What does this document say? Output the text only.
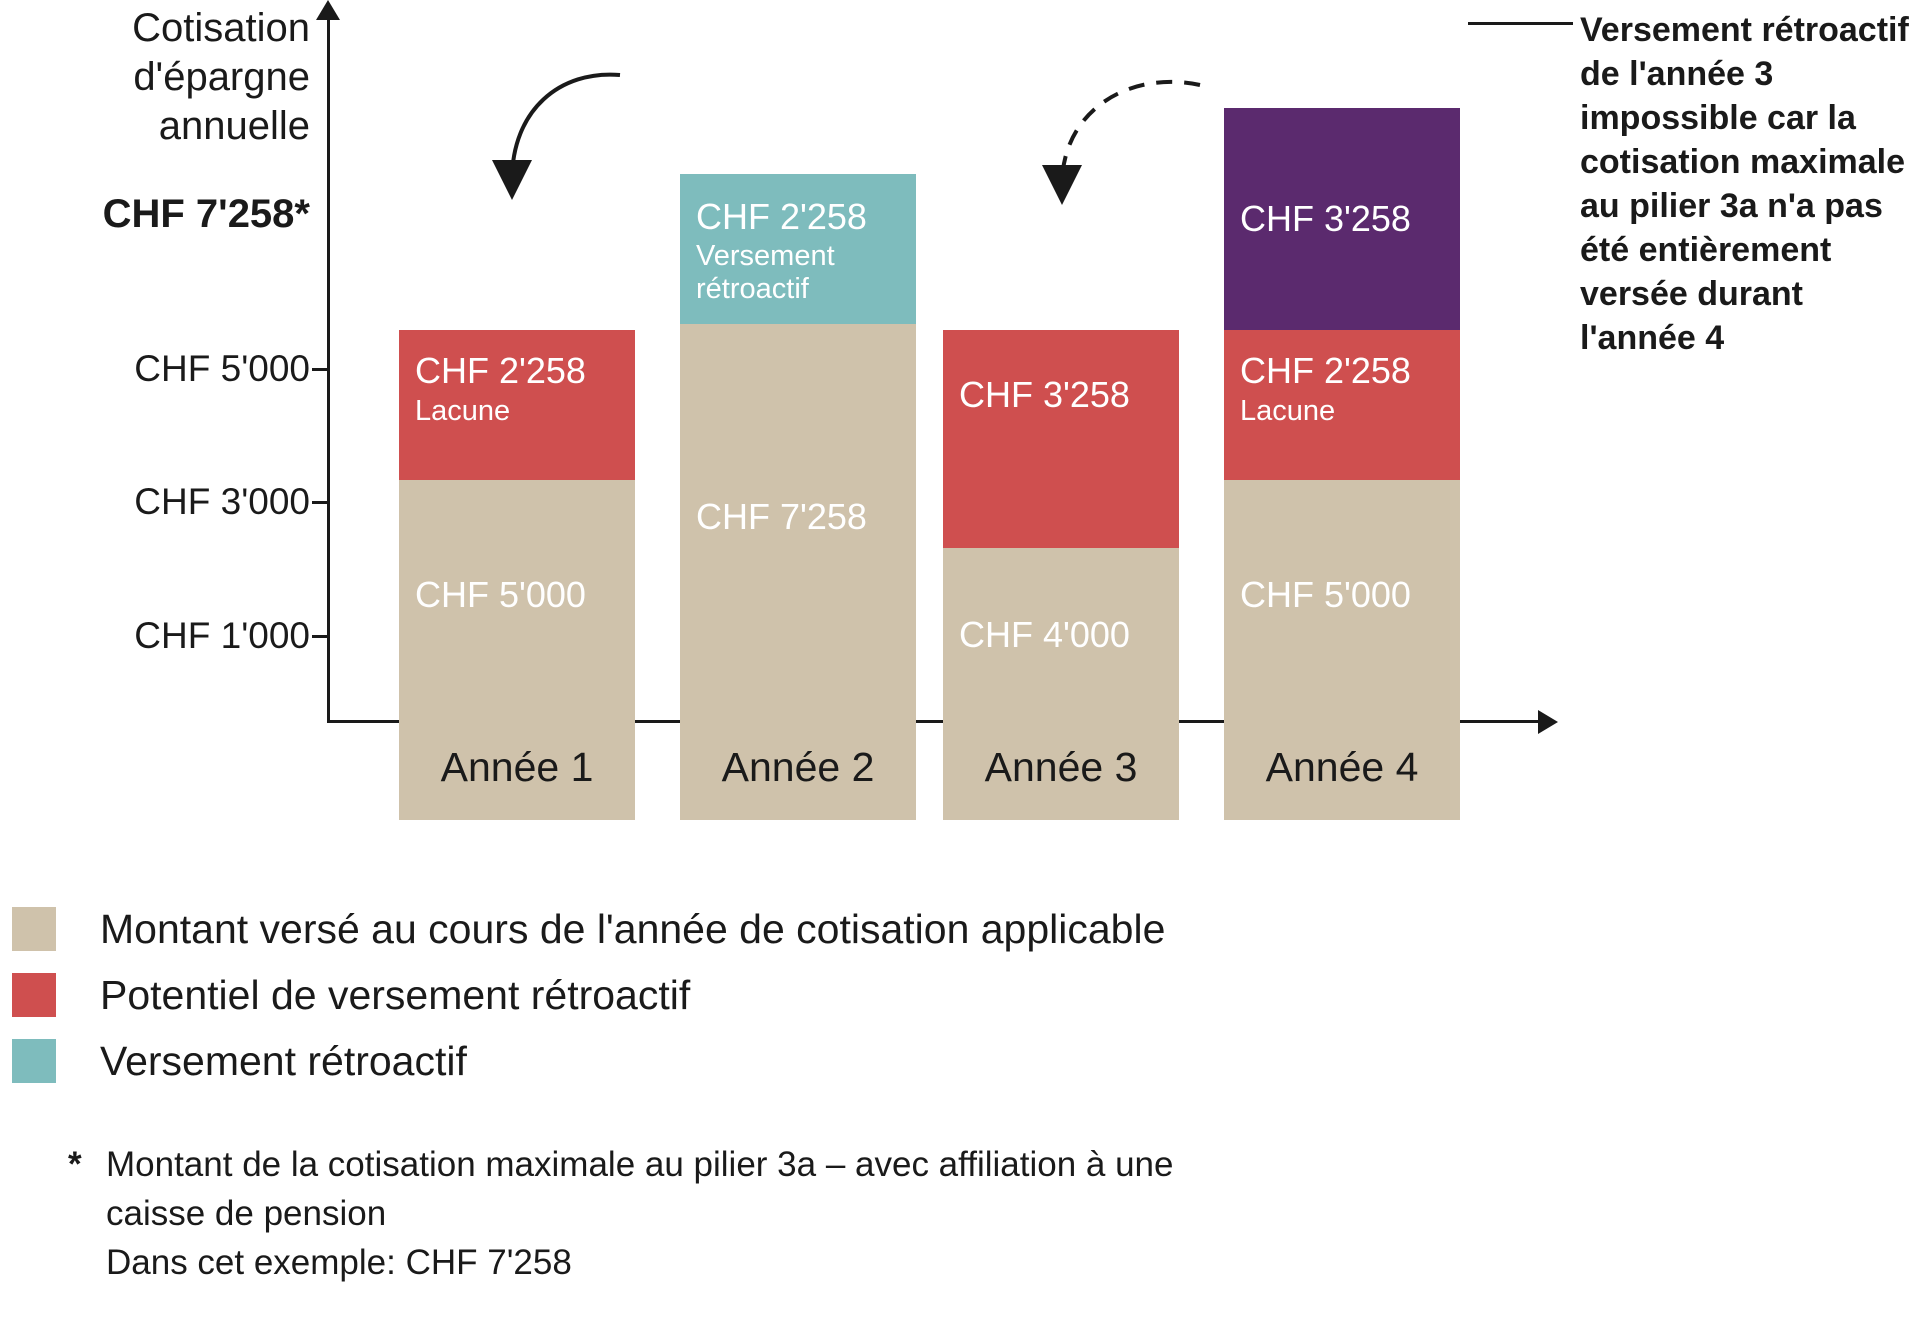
Cotisation
d'épargne
annuelle
CHF 7'258*
CHF 5'000
CHF 3'000
CHF 1'000
CHF 2'258
Lacune
CHF 5'000
CHF 2'258
Versement rétroactif
CHF 7'258
CHF 3'258
CHF 4'000
CHF 3'258
CHF 2'258
Lacune
CHF 5'000
Année 1	Année 2	Année 3	Année 4
Versement rétroactif de l'année 3 impossible car la cotisation maximale au pilier 3a n'a pas été entièrement versée durant l'année 4
Montant versé au cours de l'année de cotisation applicable
Potentiel de versement rétroactif
Versement rétroactif
* Montant de la cotisation maximale au pilier 3a – avec affiliation à une
caisse de pension
Dans cet exemple: CHF 7'258
